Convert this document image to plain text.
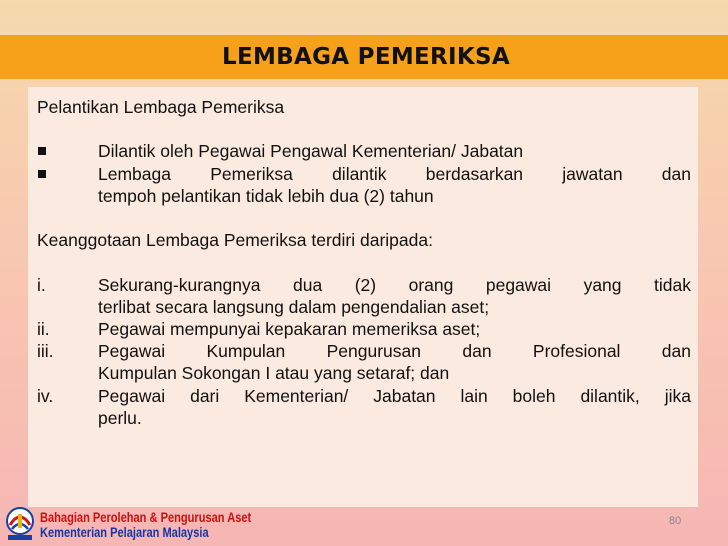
LEMBAGA PEMERIKSA

Pelantikan Lembaga Pemeriksa

Dilantik oleh Pegawai Pengawal Kementerian/ Jabatan
Lembaga Pemeriksa dilantik berdasarkan jawatan dan
tempoh pelantikan tidak lebih dua (2) tahun

Keanggotaan Lembaga Pemeriksa terdiri daripada:

i.	Sekurang-kurangnya dua (2) orang pegawai yang tidak
terlibat secara langsung dalam pengendalian aset;
ii.	Pegawai mempunyai kepakaran memeriksa aset;
iii.	Pegawai Kumpulan Pengurusan dan Profesional dan
Kumpulan Sokongan I atau yang setaraf; dan
iv.	Pegawai dari Kementerian/ Jabatan lain boleh dilantik, jika
perlu.
Bahagian Perolehan & Pengurusan Aset
Kementerian Pelajaran Malaysia
80
